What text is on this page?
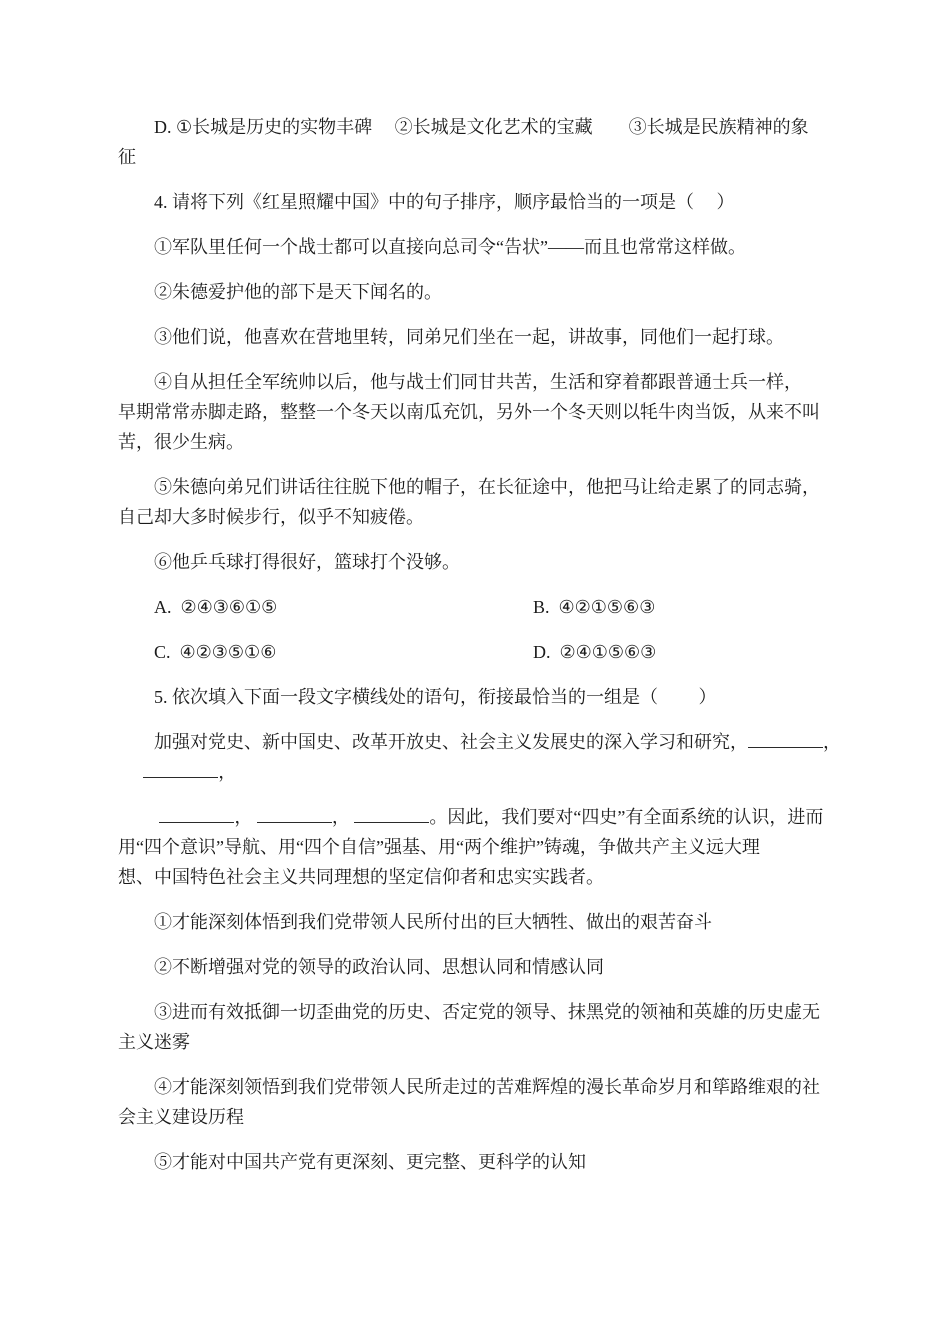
D. ①长城是历史的实物丰碑　 ②长城是文化艺术的宝藏　　③长城是民族精神的象
征
4. 请将下列《红星照耀中国》中的句子排序，顺序最恰当的一项是（　 ）
①军队里任何一个战士都可以直接向总司令“告状”——而且也常常这样做。
②朱德爱护他的部下是天下闻名的。
③他们说，他喜欢在营地里转，同弟兄们坐在一起，讲故事，同他们一起打球。
④自从担任全军统帅以后，他与战士们同甘共苦，生活和穿着都跟普通士兵一样，
早期常常赤脚走路，整整一个冬天以南瓜充饥，另外一个冬天则以牦牛肉当饭，从来不叫
苦，很少生病。
⑤朱德向弟兄们讲话往往脱下他的帽子，在长征途中，他把马让给走累了的同志骑，
自己却大多时候步行，似乎不知疲倦。
⑥他乒乓球打得很好，篮球打个没够。
A.  ②④③⑥①⑤	B.  ④②①⑤⑥③
C.  ④②③⑤①⑥	D.  ②④①⑤⑥③
5. 依次填入下面一段文字横线处的语句，衔接最恰当的一组是（　　 ）
加强对党史、新中国史、改革开放史、社会主义发展史的深入学习和研究，	，
，
，	，	。因此，我们要对“四史”有全面系统的认识，进而
用“四个意识”导航、用“四个自信”强基、用“两个维护”铸魂，争做共产主义远大理
想、中国特色社会主义共同理想的坚定信仰者和忠实实践者。
①才能深刻体悟到我们党带领人民所付出的巨大牺牲、做出的艰苦奋斗
②不断增强对党的领导的政治认同、思想认同和情感认同
③进而有效抵御一切歪曲党的历史、否定党的领导、抹黑党的领袖和英雄的历史虚无
主义迷雾
④才能深刻领悟到我们党带领人民所走过的苦难辉煌的漫长革命岁月和筚路维艰的社
会主义建设历程
⑤才能对中国共产党有更深刻、更完整、更科学的认知
